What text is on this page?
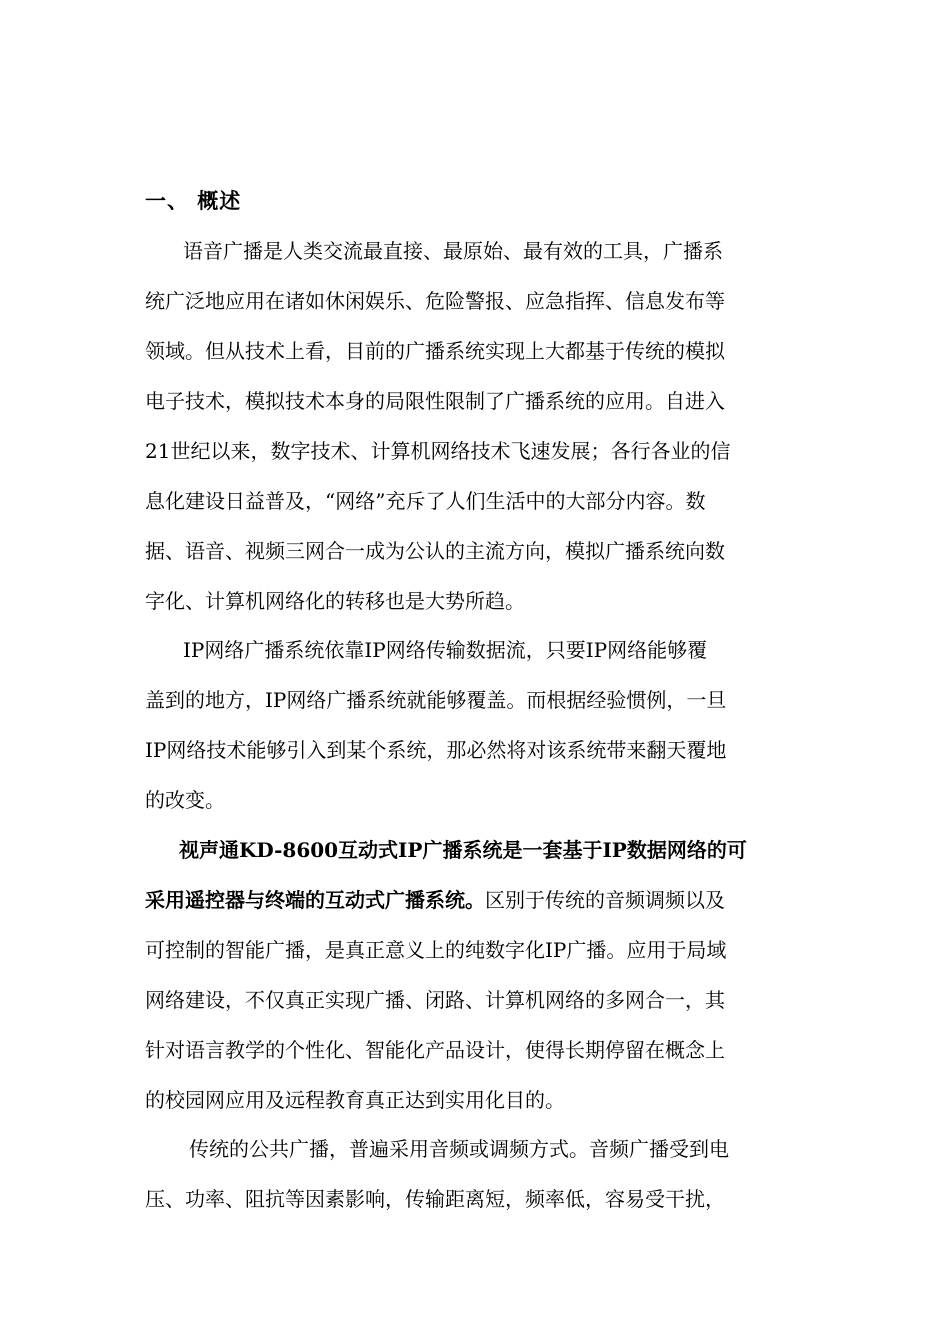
一、 概述
语音广播是人类交流最直接、最原始、最有效的工具，广播系
统广泛地应用在诸如休闲娱乐、危险警报、应急指挥、信息发布等
领域。但从技术上看，目前的广播系统实现上大都基于传统的模拟
电子技术，模拟技术本身的局限性限制了广播系统的应用。自进入
21世纪以来，数字技术、计算机网络技术飞速发展；各行各业的信
息化建设日益普及，“网络”充斥了人们生活中的大部分内容。数
据、语音、视频三网合一成为公认的主流方向，模拟广播系统向数
字化、计算机网络化的转移也是大势所趋。
IP网络广播系统依靠IP网络传输数据流，只要IP网络能够覆
盖到的地方，IP网络广播系统就能够覆盖。而根据经验惯例，一旦
IP网络技术能够引入到某个系统，那必然将对该系统带来翻天覆地
的改变。
视声通KD-8600互动式IP广播系统是一套基于IP数据网络的可
采用遥控器与终端的互动式广播系统。区别于传统的音频调频以及
可控制的智能广播，是真正意义上的纯数字化IP广播。应用于局域
网络建设，不仅真正实现广播、闭路、计算机网络的多网合一，其
针对语言教学的个性化、智能化产品设计，使得长期停留在概念上
的校园网应用及远程教育真正达到实用化目的。
传统的公共广播，普遍采用音频或调频方式。音频广播受到电
压、功率、阻抗等因素影响，传输距离短，频率低，容易受干扰，
